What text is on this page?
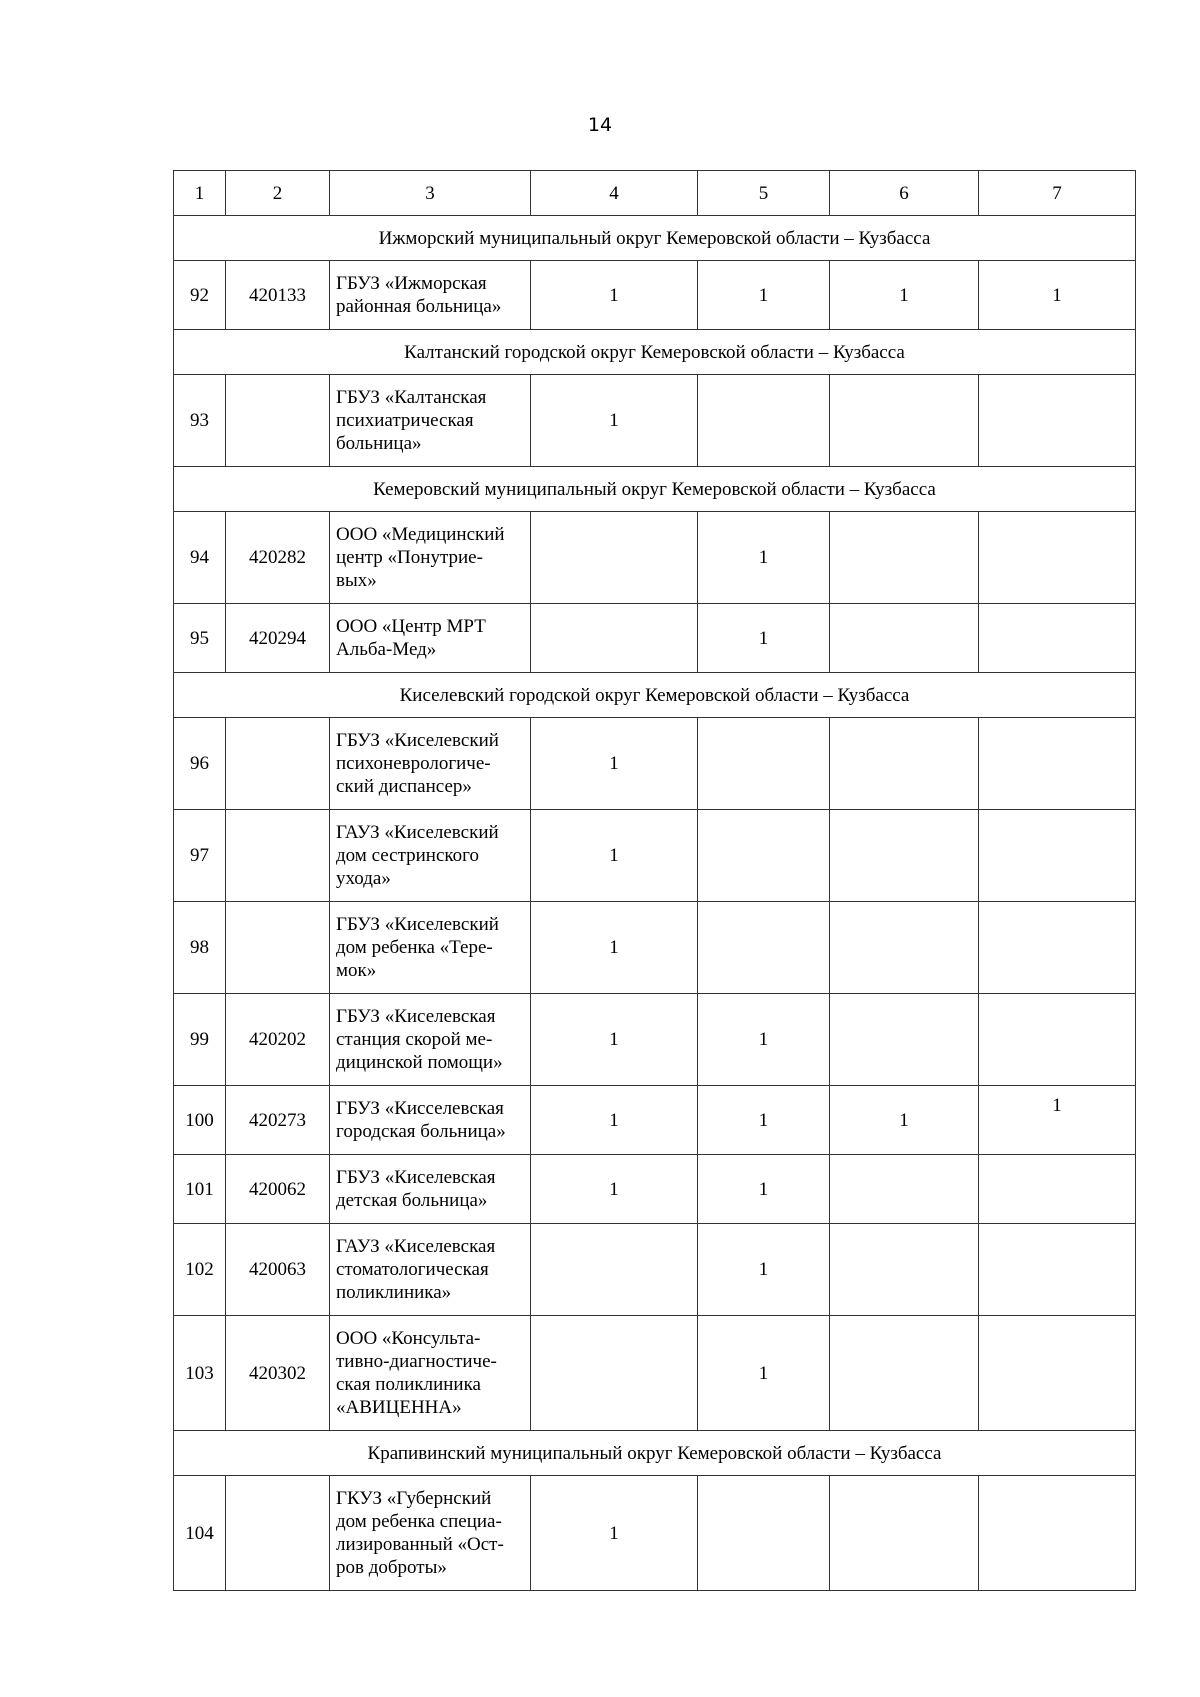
14
1	2	3	4	5	6	7
Ижморский муниципальный округ Кемеровской области – Кузбасса						
92	420133	ГБУЗ «Ижморская
районная больница»	1	1	1	1
Калтанский городской округ Кемеровской области – Кузбасса						
93		ГБУЗ «Калтанская
психиатрическая
больница»	1			
Кемеровский муниципальный округ Кемеровской области – Кузбасса						
94	420282	ООО «Медицинский
центр «Понутрие-
вых»		1		
95	420294	ООО «Центр МРТ
Альба-Мед»		1		
Киселевский городской округ Кемеровской области – Кузбасса						
96		ГБУЗ «Киселевский
психоневрологиче-
ский диспансер»	1			
97		ГАУЗ «Киселевский
дом сестринского
ухода»	1			
98		ГБУЗ «Киселевский
дом ребенка «Тере-
мок»	1			
99	420202	ГБУЗ «Киселевская
станция скорой ме-
дицинской помощи»	1	1		
100	420273	ГБУЗ «Кисселевская
городская больница»	1	1	1	1
101	420062	ГБУЗ «Киселевская
детская больница»	1	1		
102	420063	ГАУЗ «Киселевская
стоматологическая
поликлиника»		1		
103	420302	ООО «Консульта-
тивно-диагностиче-
ская поликлиника
«АВИЦЕННА»		1		
Крапивинский муниципальный округ Кемеровской области – Кузбасса						
104		ГКУЗ «Губернский
дом ребенка специа-
лизированный «Ост-
ров доброты»	1			
